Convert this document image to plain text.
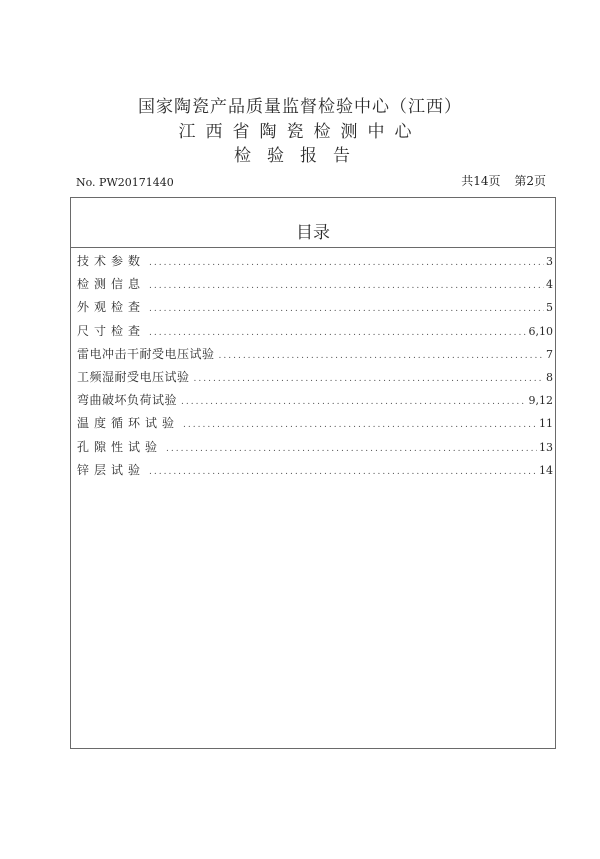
国家陶瓷产品质量监督检验中心（江西）
江西省陶瓷检测中心
检验报告
No. PW20171440	共14页 第2页
目录
技术参数 .....	3
检测信息 .....	4
外观检查 .....	5
尺寸检查 .....	6,10
雷电冲击干耐受电压试验 .....	7
工频湿耐受电压试验 .....	8
弯曲破坏负荷试验 .....	9,12
温度循环试验 .....	11
孔隙性试验 .....	13
锌层试验 .....	14
